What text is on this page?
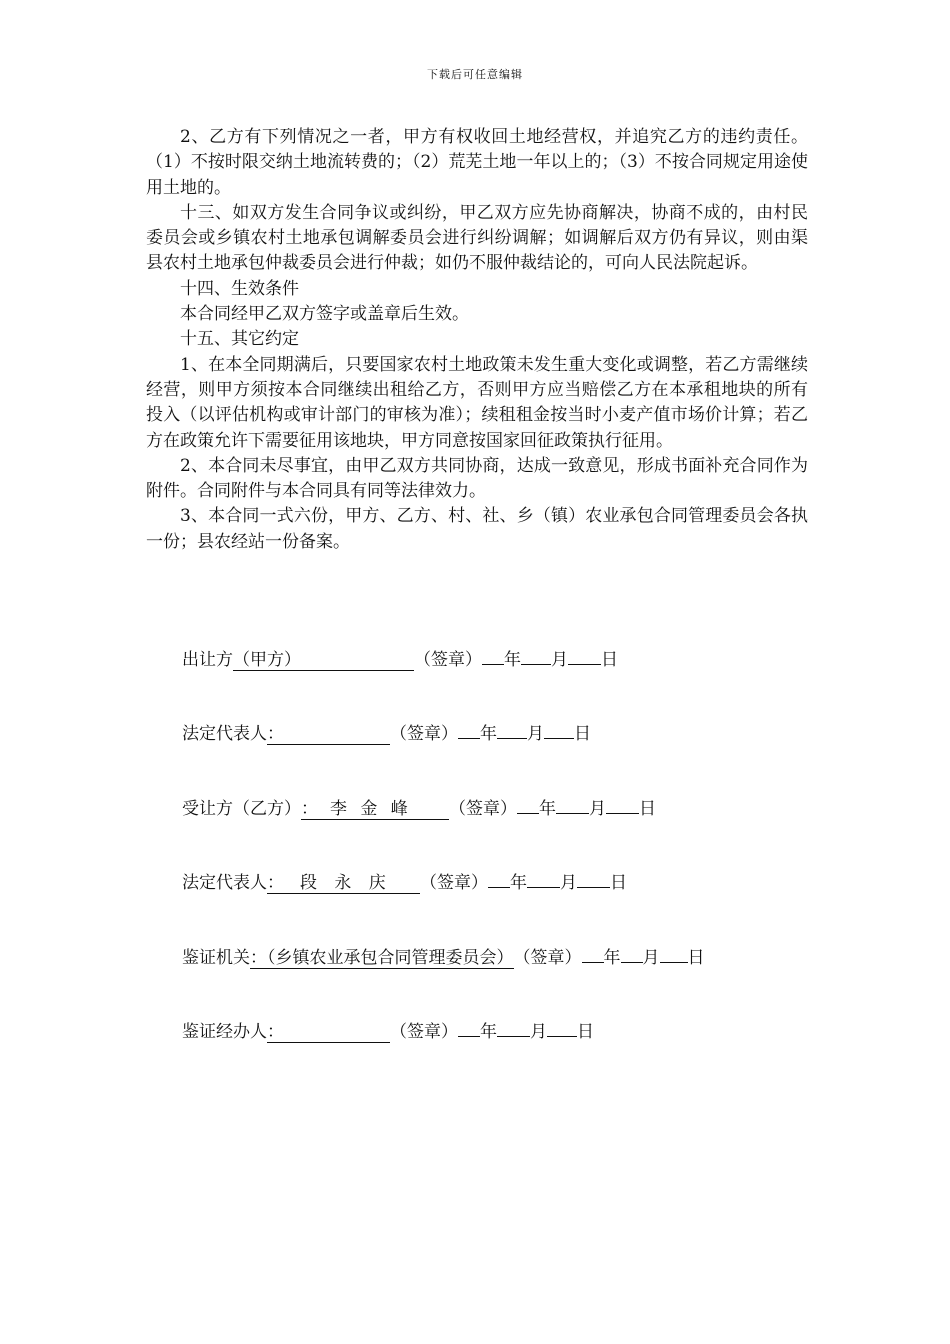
下载后可任意编辑

2、乙方有下列情况之一者，甲方有权收回土地经营权，并追究乙方的违约责任。（1）不按时限交纳土地流转费的；（2）荒芜土地一年以上的；（3）不按合同规定用途使用土地的。

十三、如双方发生合同争议或纠纷，甲乙双方应先协商解决，协商不成的，由村民委员会或乡镇农村土地承包调解委员会进行纠纷调解；如调解后双方仍有异议，则由渠县农村土地承包仲裁委员会进行仲裁；如仍不服仲裁结论的，可向人民法院起诉。

十四、生效条件

本合同经甲乙双方签字或盖章后生效。

十五、其它约定

1、在本全同期满后，只要国家农村土地政策未发生重大变化或调整，若乙方需继续经营，则甲方须按本合同继续出租给乙方，否则甲方应当赔偿乙方在本承租地块的所有投入（以评估机构或审计部门的审核为准）；续租租金按当时小麦产值市场价计算；若乙方在政策允许下需要征用该地块，甲方同意按国家回征政策执行征用。

2、本合同未尽事宜，由甲乙双方共同协商，达成一致意见，形成书面补充合同作为附件。合同附件与本合同具有同等法律效力。

3、本合同一式六份，甲方、乙方、村、社、乡（镇）农业承包合同管理委员会各执一份；县农经站一份备案。

出让方（甲方）	（签章） 年 月 日
法定代表人：	（签章） 年 月 日
受让方（乙方）： 李 金 峰 （签章） 年 月 日
法定代表人： 段 永 庆 （签章） 年 月 日
鉴证机关：（乡镇农业承包合同管理委员会）（签章） 年 月 日
鉴证经办人：	（签章） 年 月 日
